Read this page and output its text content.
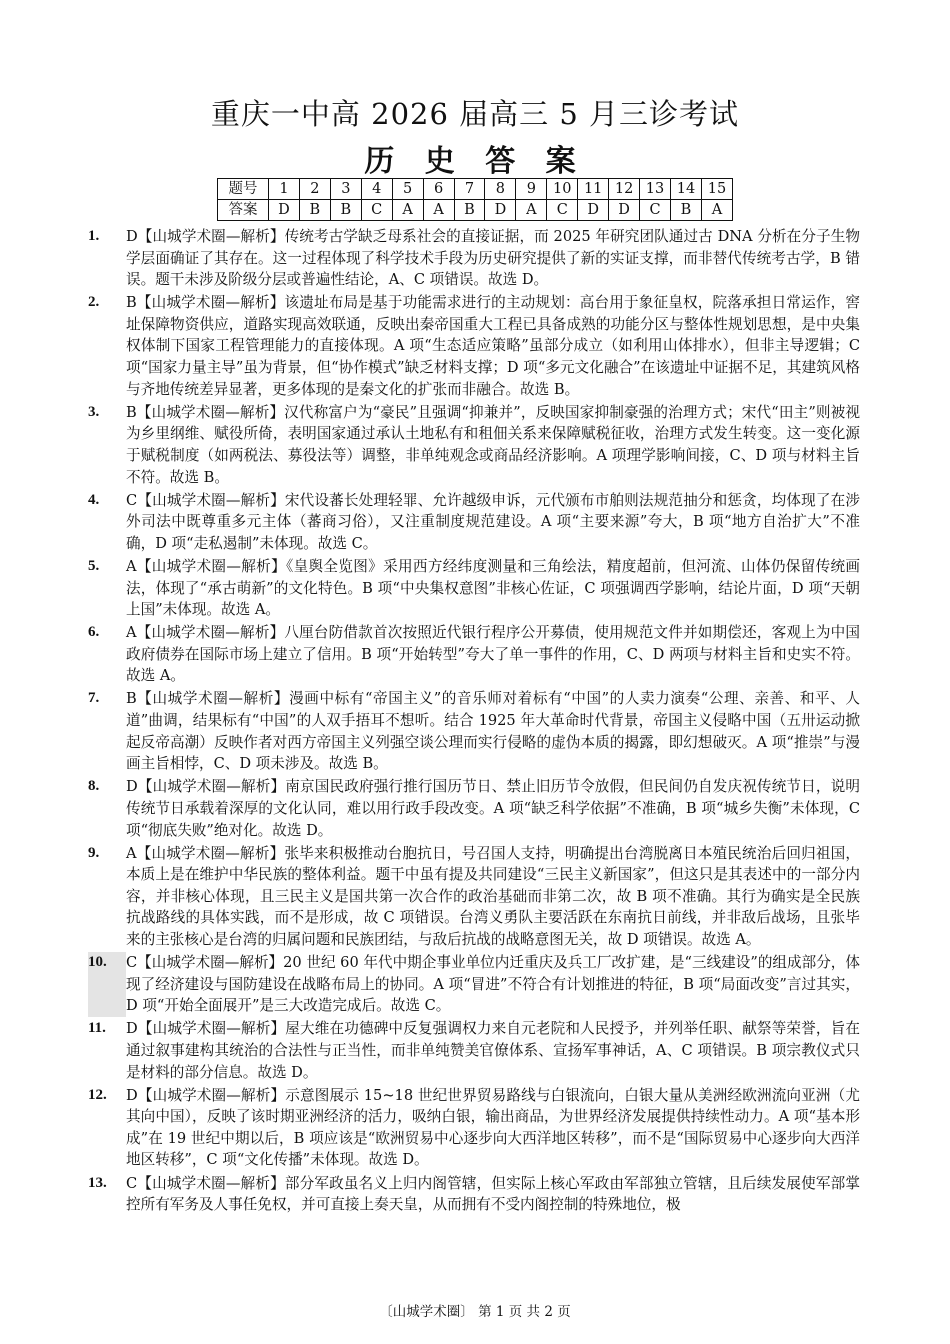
重庆一中高 2026 届高三 5 月三诊考试
历 史 答 案
题号	1	2	3	4	5	6	7	8	9	10	11	12	13	14	15
答案	D	B	B	C	A	A	B	D	A	C	D	D	C	B	A
1.	D【山城学术圈—解析】传统考古学缺乏母系社会的直接证据，而 2025 年研究团队通过古 DNA 分析在分子生物学层面确证了其存在。这一过程体现了科学技术手段为历史研究提供了新的实证支撑，而非替代传统考古学，B 错误。题干未涉及阶级分层或普遍性结论，A、C 项错误。故选 D。
2.	B【山城学术圈—解析】该遗址布局是基于功能需求进行的主动规划：高台用于象征皇权，院落承担日常运作，窖址保障物资供应，道路实现高效联通，反映出秦帝国重大工程已具备成熟的功能分区与整体性规划思想，是中央集权体制下国家工程管理能力的直接体现。A 项“生态适应策略”虽部分成立（如利用山体排水），但非主导逻辑；C 项“国家力量主导”虽为背景，但“协作模式”缺乏材料支撑；D 项“多元文化融合”在该遗址中证据不足，其建筑风格与齐地传统差异显著，更多体现的是秦文化的扩张而非融合。故选 B。
3.	B【山城学术圈—解析】汉代称富户为“豪民”且强调“抑兼并”，反映国家抑制豪强的治理方式；宋代“田主”则被视为乡里纲维、赋役所倚，表明国家通过承认土地私有和租佃关系来保障赋税征收，治理方式发生转变。这一变化源于赋税制度（如两税法、募役法等）调整，非单纯观念或商品经济影响。A 项理学影响间接，C、D 项与材料主旨不符。故选 B。
4.	C【山城学术圈—解析】宋代设蕃长处理轻罪、允许越级申诉，元代颁布市舶则法规范抽分和惩贪，均体现了在涉外司法中既尊重多元主体（蕃商习俗），又注重制度规范建设。A 项“主要来源”夸大，B 项“地方自治扩大”不准确，D 项“走私遏制”未体现。故选 C。
5.	A【山城学术圈—解析】《皇舆全览图》采用西方经纬度测量和三角绘法，精度超前，但河流、山体仍保留传统画法，体现了“承古萌新”的文化特色。B 项“中央集权意图”非核心佐证，C 项强调西学影响，结论片面，D 项“天朝上国”未体现。故选 A。
6.	A【山城学术圈—解析】八厘台防借款首次按照近代银行程序公开募债，使用规范文件并如期偿还，客观上为中国政府债券在国际市场上建立了信用。B 项“开始转型”夸大了单一事件的作用，C、D 两项与材料主旨和史实不符。故选 A。
7.	B【山城学术圈—解析】漫画中标有“帝国主义”的音乐师对着标有“中国”的人卖力演奏“公理、亲善、和平、人道”曲调，结果标有“中国”的人双手捂耳不想听。结合 1925 年大革命时代背景，帝国主义侵略中国（五卅运动掀起反帝高潮）反映作者对西方帝国主义列强空谈公理而实行侵略的虚伪本质的揭露，即幻想破灭。A 项“推崇”与漫画主旨相悖，C、D 项未涉及。故选 B。
8.	D【山城学术圈—解析】南京国民政府强行推行国历节日、禁止旧历节令放假，但民间仍自发庆祝传统节日，说明传统节日承载着深厚的文化认同，难以用行政手段改变。A 项“缺乏科学依据”不准确，B 项“城乡失衡”未体现，C 项“彻底失败”绝对化。故选 D。
9.	A【山城学术圈—解析】张毕来积极推动台胞抗日，号召国人支持，明确提出台湾脱离日本殖民统治后回归祖国，本质上是在维护中华民族的整体利益。题干中虽有提及共同建设“三民主义新国家”，但这只是其表述中的一部分内容，并非核心体现，且三民主义是国共第一次合作的政治基础而非第二次，故 B 项不准确。其行为确实是全民族抗战路线的具体实践，而不是形成，故 C 项错误。台湾义勇队主要活跃在东南抗日前线，并非敌后战场，且张毕来的主张核心是台湾的归属问题和民族团结，与敌后抗战的战略意图无关，故 D 项错误。故选 A。
10.	C【山城学术圈—解析】20 世纪 60 年代中期企事业单位内迁重庆及兵工厂改扩建，是“三线建设”的组成部分，体现了经济建设与国防建设在战略布局上的协同。A 项“冒进”不符合有计划推进的特征，B 项“局面改变”言过其实，D 项“开始全面展开”是三大改造完成后。故选 C。
11.	D【山城学术圈—解析】屋大维在功德碑中反复强调权力来自元老院和人民授予，并列举任职、献祭等荣誉，旨在通过叙事建构其统治的合法性与正当性，而非单纯赞美官僚体系、宣扬军事神话，A、C 项错误。B 项宗教仪式只是材料的部分信息。故选 D。
12.	D【山城学术圈—解析】示意图展示 15~18 世纪世界贸易路线与白银流向，白银大量从美洲经欧洲流向亚洲（尤其向中国），反映了该时期亚洲经济的活力，吸纳白银，输出商品，为世界经济发展提供持续性动力。A 项“基本形成”在 19 世纪中期以后，B 项应该是“欧洲贸易中心逐步向大西洋地区转移”，而不是“国际贸易中心逐步向大西洋地区转移”，C 项“文化传播”未体现。故选 D。
13.	C【山城学术圈—解析】部分军政虽名义上归内阁管辖，但实际上核心军政由军部独立管辖，且后续发展使军部掌控所有军务及人事任免权，并可直接上奏天皇，从而拥有不受内阁控制的特殊地位，极
〔山城学术圈〕 第 1 页 共 2 页
